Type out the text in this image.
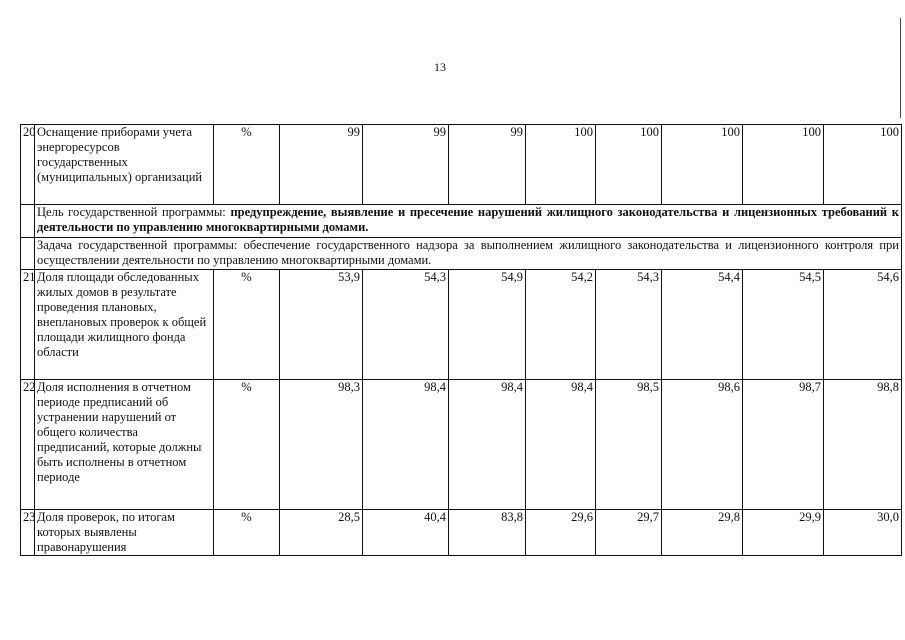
13
20	Оснащение приборами учета энергоресурсов государственных (муниципальных) организаций	%	99	99	99	100	100	100	100	100
	Цель государственной программы: предупреждение, выявление и пресечение нарушений жилищного законодательства и лицензионных требований к деятельности по управлению многоквартирными домами.									
	Задача государственной программы: обеспечение государственного надзора за выполнением жилищного законодательства и лицензионного контроля при осуществлении деятельности по управлению многоквартирными домами.									
21	Доля площади обследованных жилых домов в результате проведения плановых, внеплановых проверок к общей площади жилищного фонда области	%	53,9	54,3	54,9	54,2	54,3	54,4	54,5	54,6
22	Доля исполнения в отчетном периоде предписаний об устранении нарушений от общего количества предписаний, которые должны быть исполнены в отчетном периоде	%	98,3	98,4	98,4	98,4	98,5	98,6	98,7	98,8
23	Доля проверок, по итогам которых выявлены правонарушения	%	28,5	40,4	83,8	29,6	29,7	29,8	29,9	30,0
